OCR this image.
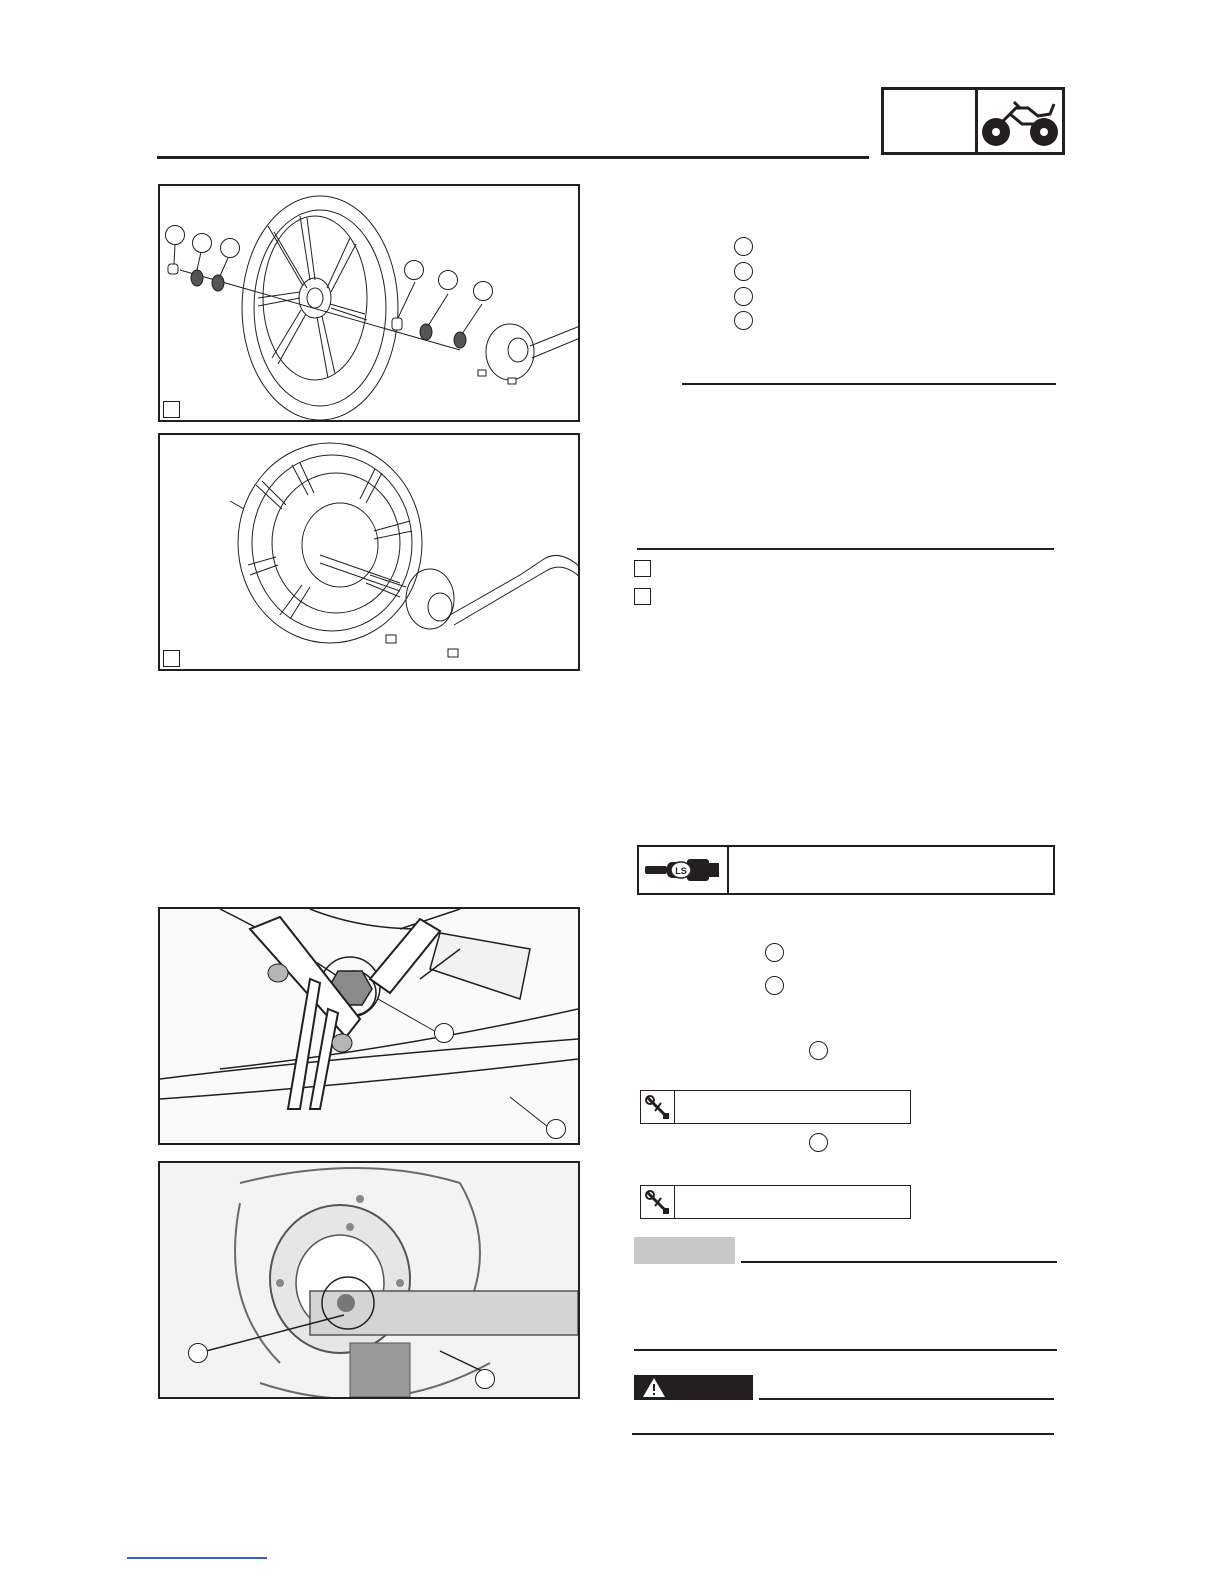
LS
